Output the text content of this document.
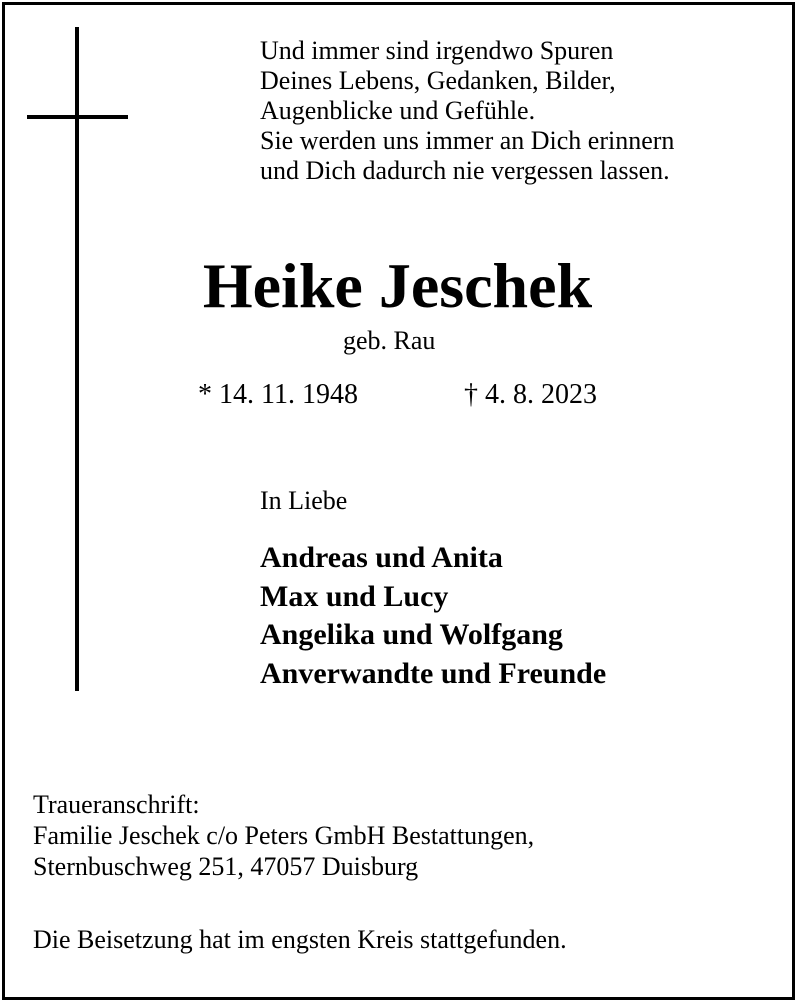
Und immer sind irgendwo Spuren
Deines Lebens, Gedanken, Bilder,
Augenblicke und Gefühle.
Sie werden uns immer an Dich erinnern
und Dich dadurch nie vergessen lassen.
Heike Jeschek
geb. Rau
* 14. 11. 1948	† 4. 8. 2023
In Liebe
Andreas und Anita
Max und Lucy
Angelika und Wolfgang
Anverwandte und Freunde
Traueranschrift:
Familie Jeschek c/o Peters GmbH Bestattungen,
Sternbuschweg 251, 47057 Duisburg
Die Beisetzung hat im engsten Kreis stattgefunden.
